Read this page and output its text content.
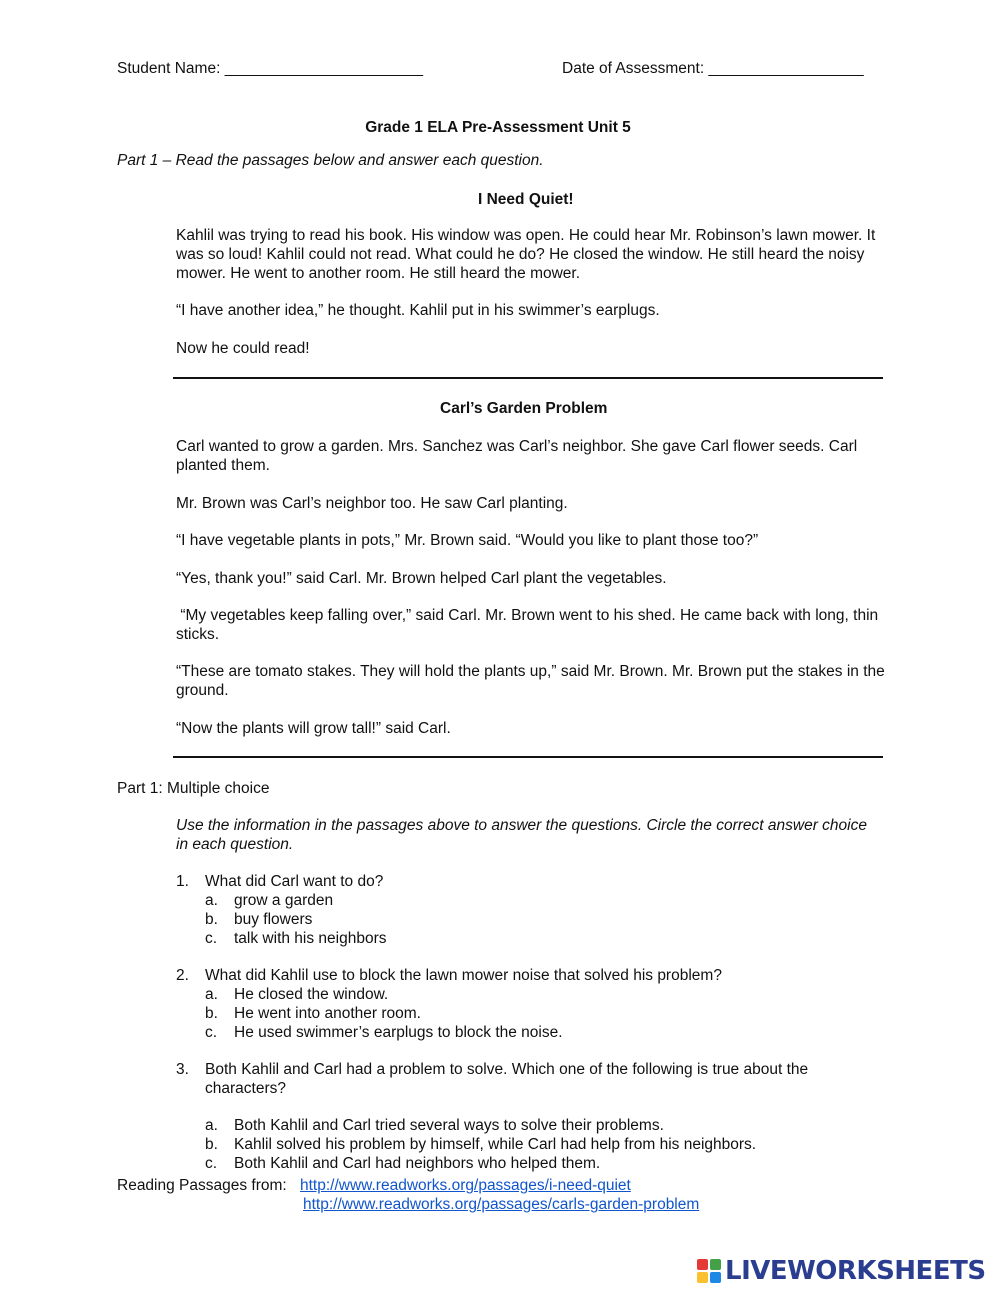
Student Name: _______________________	Date of Assessment: __________________
Grade 1 ELA Pre-Assessment Unit 5
Part 1 – Read the passages below and answer each question.
I Need Quiet!
Kahlil was trying to read his book. His window was open. He could hear Mr. Robinson’s lawn mower. It was so loud! Kahlil could not read. What could he do? He closed the window. He still heard the noisy mower. He went to another room. He still heard the mower.
“I have another idea,” he thought. Kahlil put in his swimmer’s earplugs.
Now he could read!
Carl’s Garden Problem
Carl wanted to grow a garden. Mrs. Sanchez was Carl’s neighbor. She gave Carl flower seeds. Carl planted them.
Mr. Brown was Carl’s neighbor too. He saw Carl planting.
“I have vegetable plants in pots,” Mr. Brown said. “Would you like to plant those too?”
“Yes, thank you!” said Carl. Mr. Brown helped Carl plant the vegetables.
“My vegetables keep falling over,” said Carl. Mr. Brown went to his shed. He came back with long, thin sticks.
“These are tomato stakes. They will hold the plants up,” said Mr. Brown. Mr. Brown put the stakes in the ground.
“Now the plants will grow tall!” said Carl.
Part 1: Multiple choice
Use the information in the passages above to answer the questions. Circle the correct answer choice in each question.
1. What did Carl want to do?
a. grow a garden
b. buy flowers
c. talk with his neighbors
2. What did Kahlil use to block the lawn mower noise that solved his problem?
a. He closed the window.
b. He went into another room.
c. He used swimmer’s earplugs to block the noise.
3. Both Kahlil and Carl had a problem to solve. Which one of the following is true about the characters?
a. Both Kahlil and Carl tried several ways to solve their problems.
b. Kahlil solved his problem by himself, while Carl had help from his neighbors.
c. Both Kahlil and Carl had neighbors who helped them.
Reading Passages from: http://www.readworks.org/passages/i-need-quiet
http://www.readworks.org/passages/carls-garden-problem
LIVEWORKSHEETS
